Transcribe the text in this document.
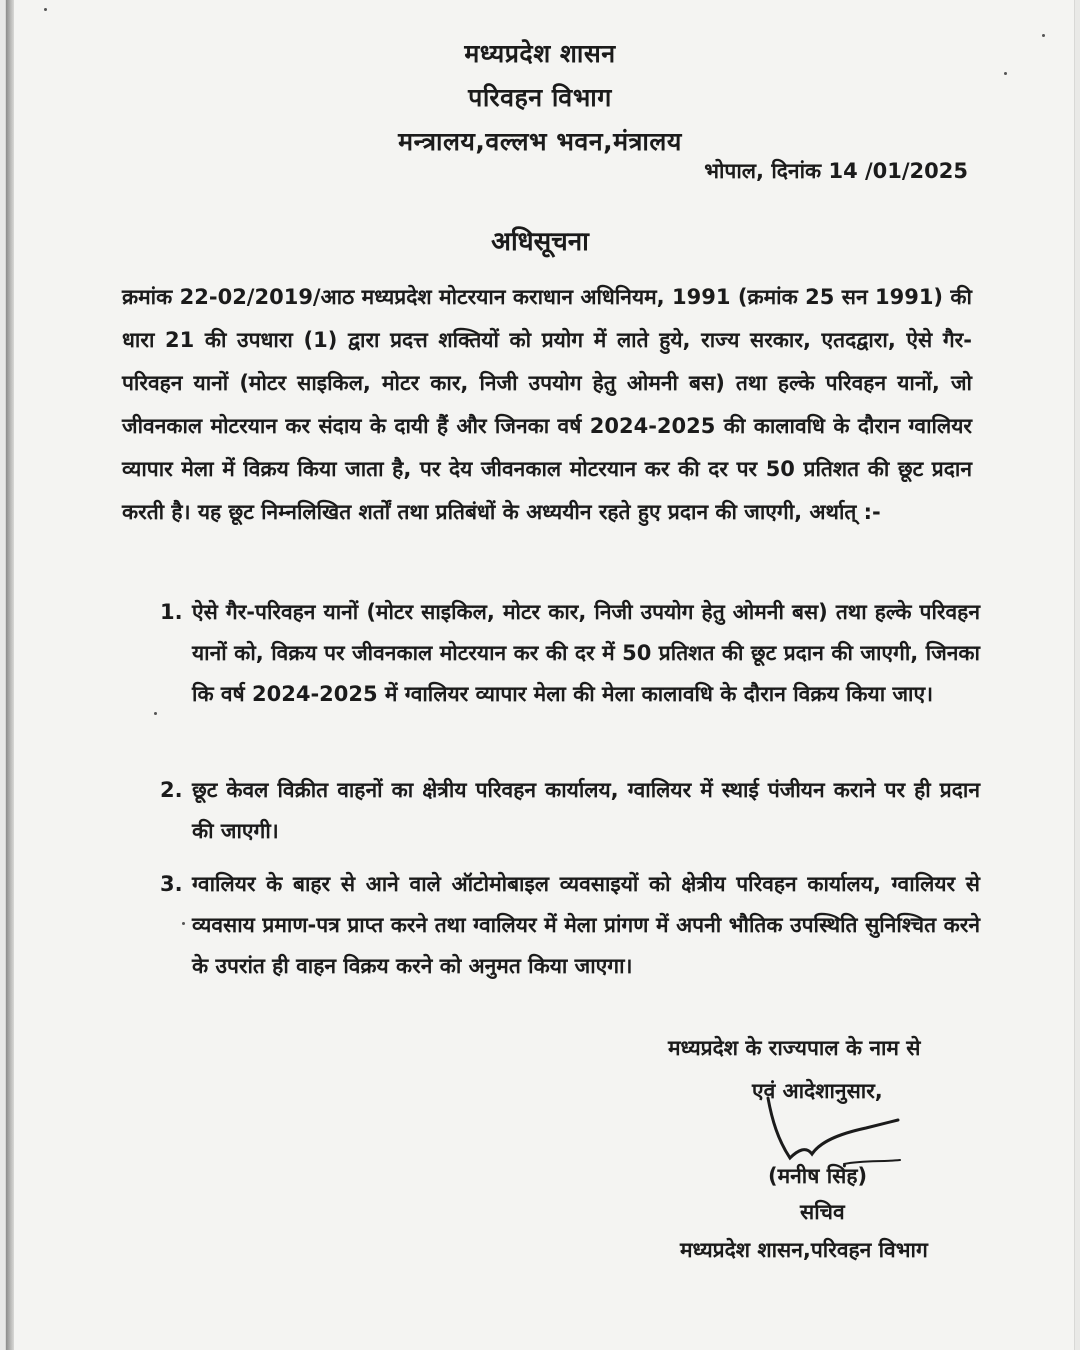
मध्यप्रदेश शासन
परिवहन विभाग
मन्त्रालय,वल्लभ भवन,मंत्रालय
भोपाल, दिनांक 14 /01/2025
अधिसूचना
क्रमांक 22-02/2019/आठ मध्यप्रदेश मोटरयान कराधान अधिनियम, 1991 (क्रमांक 25 सन 1991) की धारा 21 की उपधारा (1) द्वारा प्रदत्त शक्तियों को प्रयोग में लाते हुये, राज्य सरकार, एतदद्वारा, ऐसे गैर-परिवहन यानों (मोटर साइकिल, मोटर कार, निजी उपयोग हेतु ओमनी बस) तथा हल्के परिवहन यानों, जो जीवनकाल मोटरयान कर संदाय के दायी हैं और जिनका वर्ष 2024-2025 की कालावधि के दौरान ग्वालियर व्यापार मेला में विक्रय किया जाता है, पर देय जीवनकाल मोटरयान कर की दर पर 50 प्रतिशत की छूट प्रदान करती है। यह छूट निम्नलिखित शर्तों तथा प्रतिबंधों के अध्ययीन रहते हुए प्रदान की जाएगी, अर्थात् :-
1. ऐसे गैर-परिवहन यानों (मोटर साइकिल, मोटर कार, निजी उपयोग हेतु ओमनी बस) तथा हल्के परिवहन यानों को, विक्रय पर जीवनकाल मोटरयान कर की दर में 50 प्रतिशत की छूट प्रदान की जाएगी, जिनका कि वर्ष 2024-2025 में ग्वालियर व्यापार मेला की मेला कालावधि के दौरान विक्रय किया जाए।
2. छूट केवल विक्रीत वाहनों का क्षेत्रीय परिवहन कार्यालय, ग्वालियर में स्थाई पंजीयन कराने पर ही प्रदान की जाएगी।
3. ग्वालियर के बाहर से आने वाले ऑटोमोबाइल व्यवसाइयों को क्षेत्रीय परिवहन कार्यालय, ग्वालियर से व्यवसाय प्रमाण-पत्र प्राप्त करने तथा ग्वालियर में मेला प्रांगण में अपनी भौतिक उपस्थिति सुनिश्चित करने के उपरांत ही वाहन विक्रय करने को अनुमत किया जाएगा।
मध्यप्रदेश के राज्यपाल के नाम से
एवं आदेशानुसार,
(मनीष सिंह)
सचिव
मध्यप्रदेश शासन,परिवहन विभाग
